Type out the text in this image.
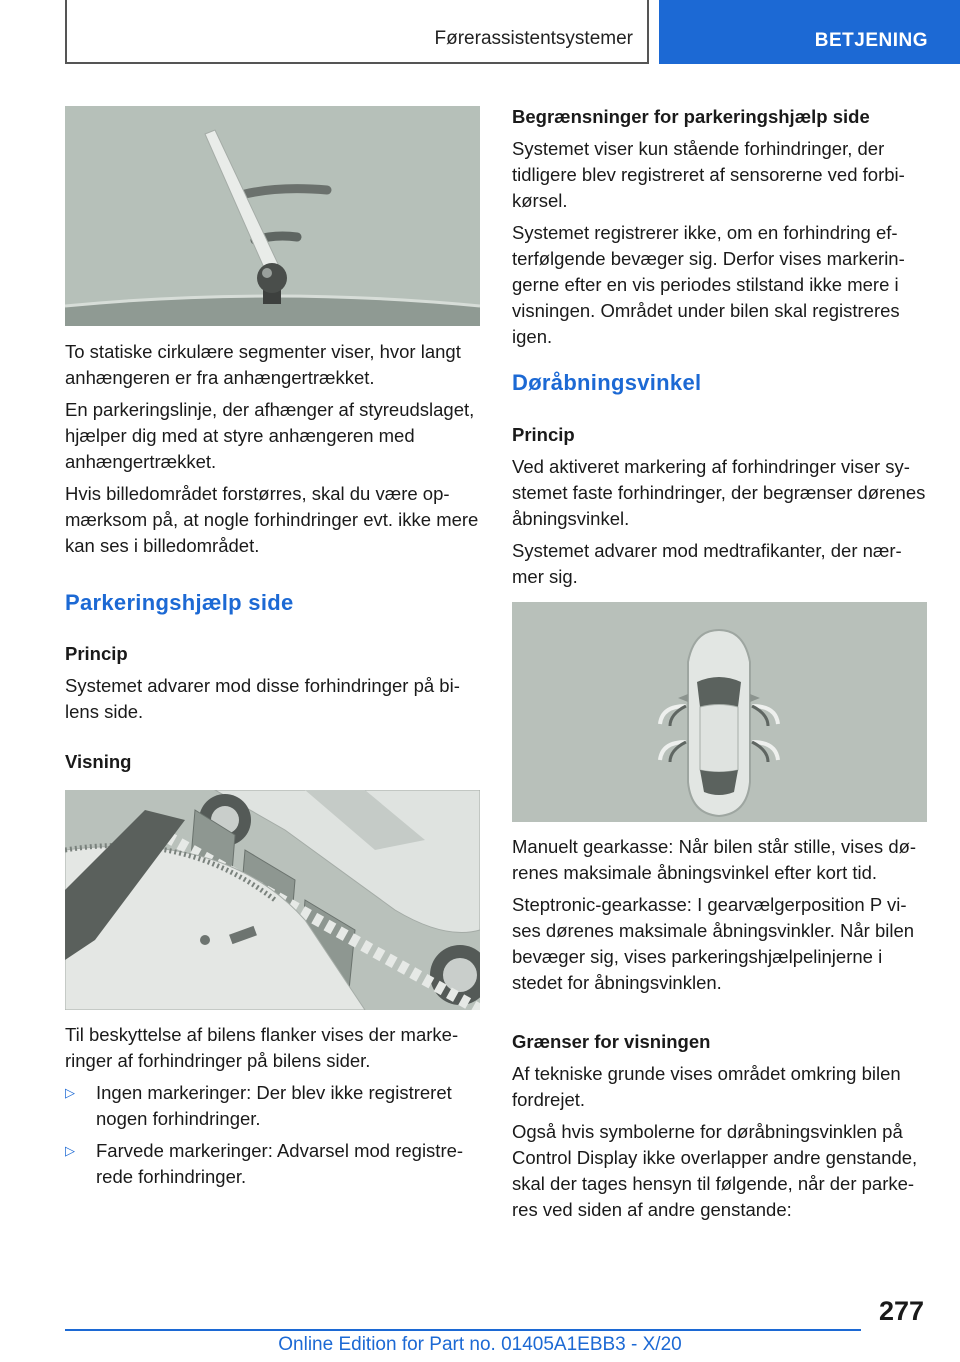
Førerassistentsystemer	BETJENING

To statiske cirkulære segmenter viser, hvor langt anhængeren er fra anhængertrækket.

En parkeringslinje, der afhænger af styreudslaget, hjælper dig med at styre anhængeren med anhængertrækket.

Hvis billedområdet forstørres, skal du være opmærksom på, at nogle forhindringer evt. ikke mere kan ses i billedområdet.

Parkeringshjælp side
Princip

Systemet advarer mod disse forhindringer på bilens side.

Visning

Til beskyttelse af bilens flanker vises der markeringer af forhindringer på bilens sider.

▷ Ingen markeringer: Der blev ikke registreret nogen forhindringer.
▷ Farvede markeringer: Advarsel mod registrerede forhindringer.
Begrænsninger for parkeringshjælp side

Systemet viser kun stående forhindringer, der tidligere blev registreret af sensorerne ved forbikørsel.

Systemet registrerer ikke, om en forhindring efterfølgende bevæger sig. Derfor vises markeringerne efter en vis periodes stilstand ikke mere i visningen. Området under bilen skal registreres igen.

Døråbningsvinkel
Princip

Ved aktiveret markering af forhindringer viser systemet faste forhindringer, der begrænser dørenes åbningsvinkel.

Systemet advarer mod medtrafikanter, der nærmer sig.

Manuelt gearkasse: Når bilen står stille, vises dørenes maksimale åbningsvinkel efter kort tid.

Steptronic-gearkasse: I gearvælgerposition P vises dørenes maksimale åbningsvinkler. Når bilen bevæger sig, vises parkeringshjælpelinjerne i stedet for åbningsvinklen.

Grænser for visningen

Af tekniske grunde vises området omkring bilen fordrejet.

Også hvis symbolerne for døråbningsvinklen på Control Display ikke overlapper andre genstande, skal der tages hensyn til følgende, når der parkeres ved siden af andre genstande:

277
Online Edition for Part no. 01405A1EBB3 - X/20
